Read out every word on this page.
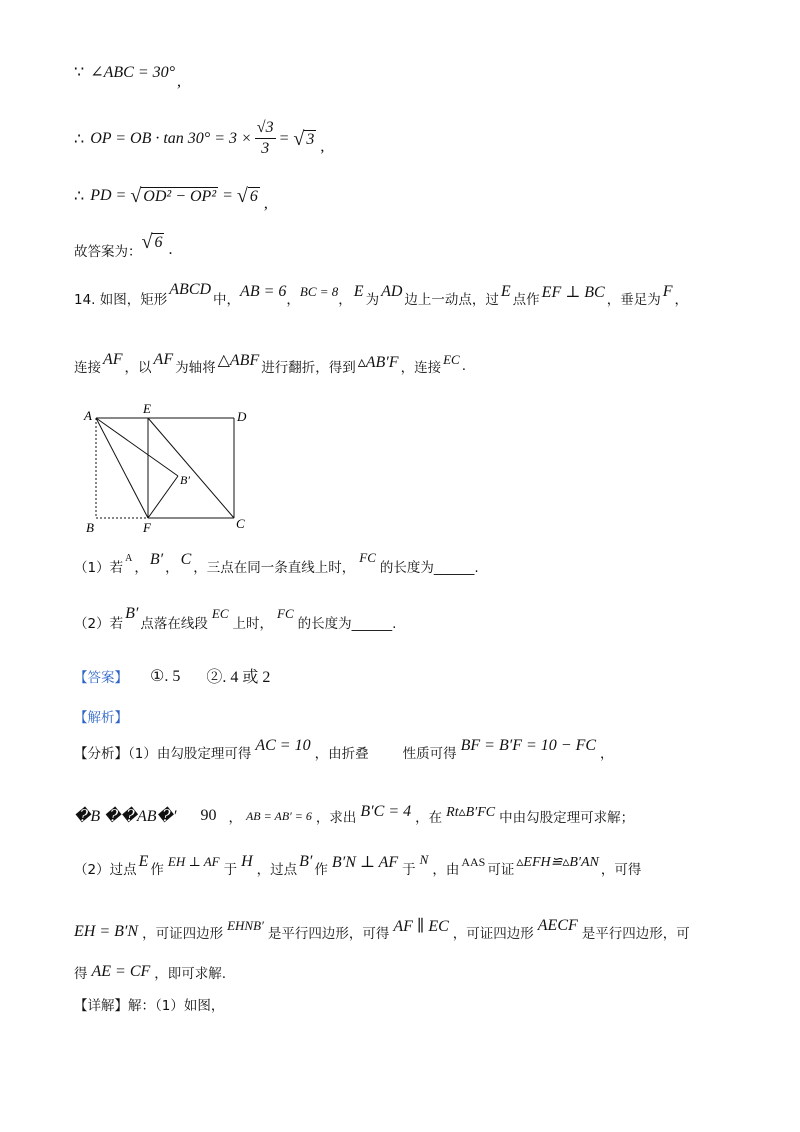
∵ ∠ABC = 30°
,
∴ OP = OB · $\tan 30^\circ = 3 \times \frac{√3}{3}$ = √ 3 ,
∴ PD = √ OD² − OP² = √ 6 ,
故答案为： √ 6 .
14. 如图，矩形
ABCD
中， AB = 6 ，
BC = 8
， E 为 AD 边上一动点，过 E 点作 EF ⊥ BC ，垂足为 F ，
连接 AF ，以 AF 为轴将 △ABF 进行翻折，得到 ▵AB′F ，连接
EC .
A	E
D
B	F	C
B′
（1）若
A
， B′ ， C ，三点在同一条直线上时，
FC
的长度为______.
（2）若
B′
点落在线段
EC
上时，
FC
的长度为______.
【答案】 ①. 5 ②. 4 或 2
【解析】
【分析】（1）由勾股定理可得 AC = 10 ，由折叠	性质可得 BF = B′F = 10 − FC ，
�B ��AB�′ 90 ， AB = AB′ = 6 ，求出 B′C = 4 ，在 Rt▵B′FC 中由勾股定理可求解；
（2）过点 E 作
EH ⊥ AF
于 H ，过点 B′ 作 B′N ⊥ AF 于
N
，由
AAS
可证 ▵EFH≌▵B′AN ，可得
EH = B′N ，可证四边形
EHNB′
是平行四边形，可得 AF ∥ EC ，可证四边形 AECF 是平行四边形，可
得 AE = CF ，即可求解.
【详解】解：（1）如图，
